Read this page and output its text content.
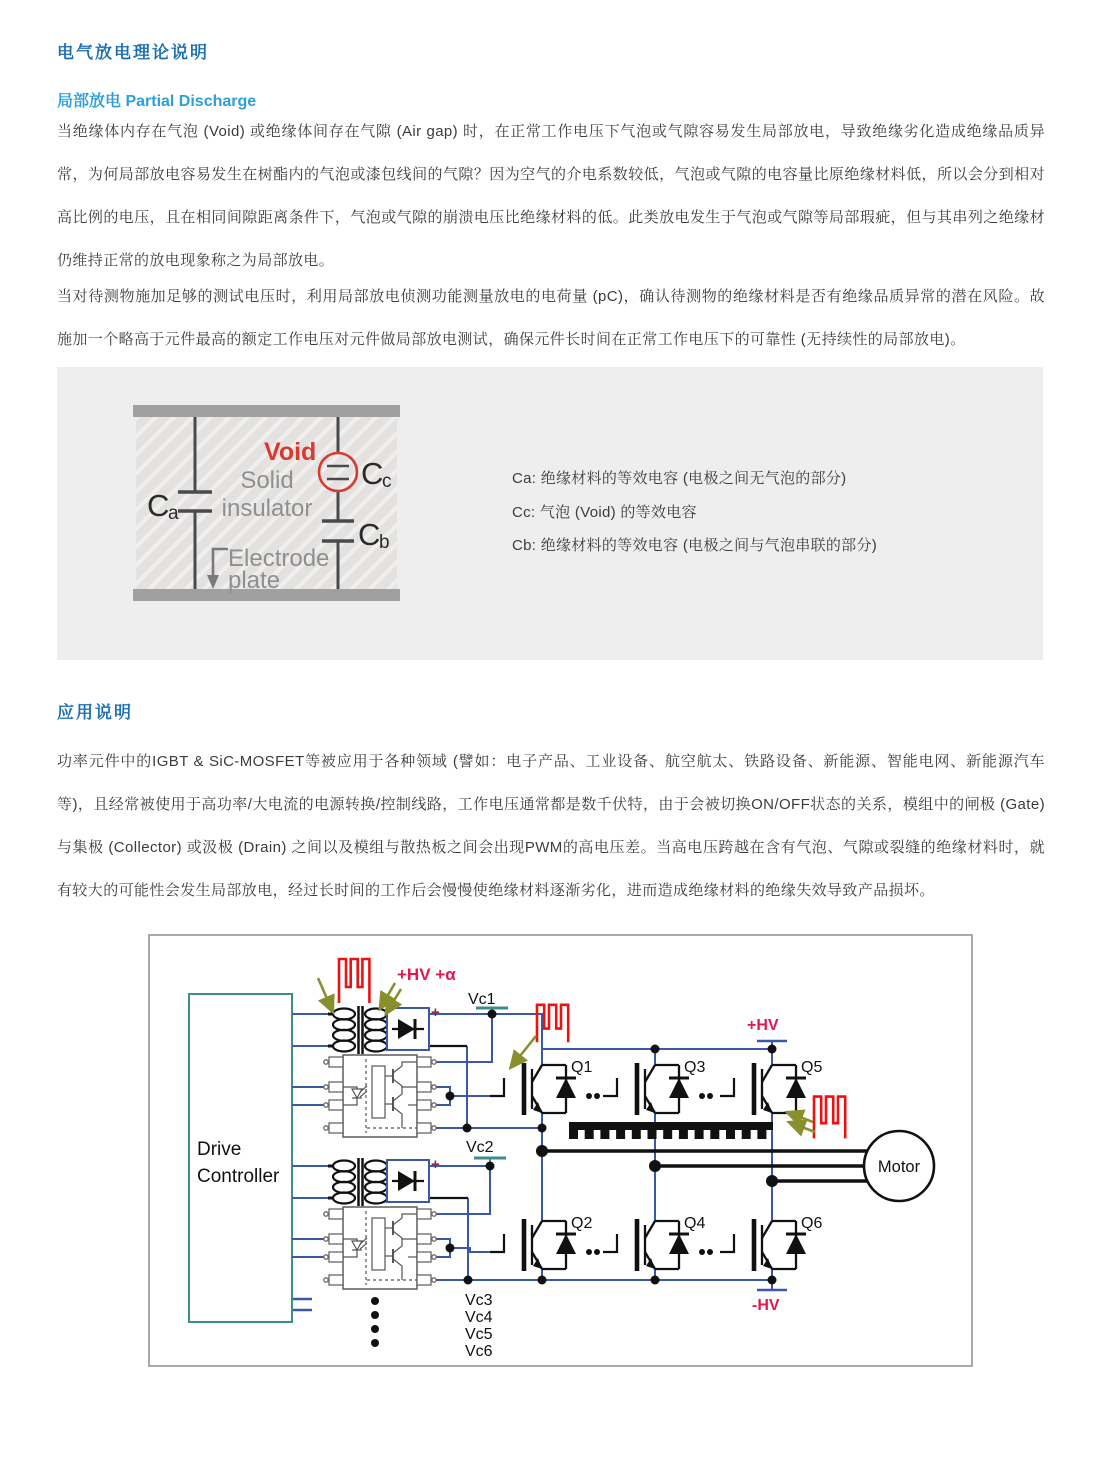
电气放电理论说明
局部放电 Partial Discharge
当绝缘体内存在气泡 (Void) 或绝缘体间存在气隙 (Air gap) 时，在正常工作电压下气泡或气隙容易发生局部放电，导致绝缘劣化造成绝缘品质异常，为何局部放电容易发生在树酯内的气泡或漆包线间的气隙？因为空气的介电系数较低，气泡或气隙的电容量比原绝缘材料低，所以会分到相对高比例的电压，且在相同间隙距离条件下，气泡或气隙的崩溃电压比绝缘材料的低。此类放电发生于气泡或气隙等局部瑕疵，但与其串列之绝缘材仍维持正常的放电现象称之为局部放电。
当对待测物施加足够的测试电压时，利用局部放电侦测功能测量放电的电荷量 (pC)，确认待测物的绝缘材料是否有绝缘品质异常的潜在风险。故施加一个略高于元件最高的额定工作电压对元件做局部放电测试，确保元件长时间在正常工作电压下的可靠性 (无持续性的局部放电)。
Void
C
a
C
c
C
b
Solid
insulator
Electrode
plate
Ca: 绝缘材料的等效电容 (电极之间无气泡的部分)
Cc: 气泡 (Void) 的等效电容
Cb: 绝缘材料的等效电容 (电极之间与气泡串联的部分)
应用说明
功率元件中的IGBT & SiC-MOSFET等被应用于各种领域 (譬如：电子产品、工业设备、航空航太、铁路设备、新能源、智能电网、新能源汽车等)，且经常被使用于高功率/大电流的电源转换/控制线路，工作电压通常都是数千伏特，由于会被切换ON/OFF状态的关系，模组中的闸极 (Gate) 与集极 (Collector) 或汲极 (Drain) 之间以及模组与散热板之间会出现PWM的高电压差。当高电压跨越在含有气泡、气隙或裂缝的绝缘材料时，就有较大的可能性会发生局部放电，经过长时间的工作后会慢慢使绝缘材料逐渐劣化，进而造成绝缘材料的绝缘失效导致产品损坏。
Drive
Controller
+
+
Vc1
Vc2
+HV
-HV
Q1	Q3	Q5
Q2	Q4	Q6
Motor
+HV +α
Vc3
Vc4
Vc5
Vc6
